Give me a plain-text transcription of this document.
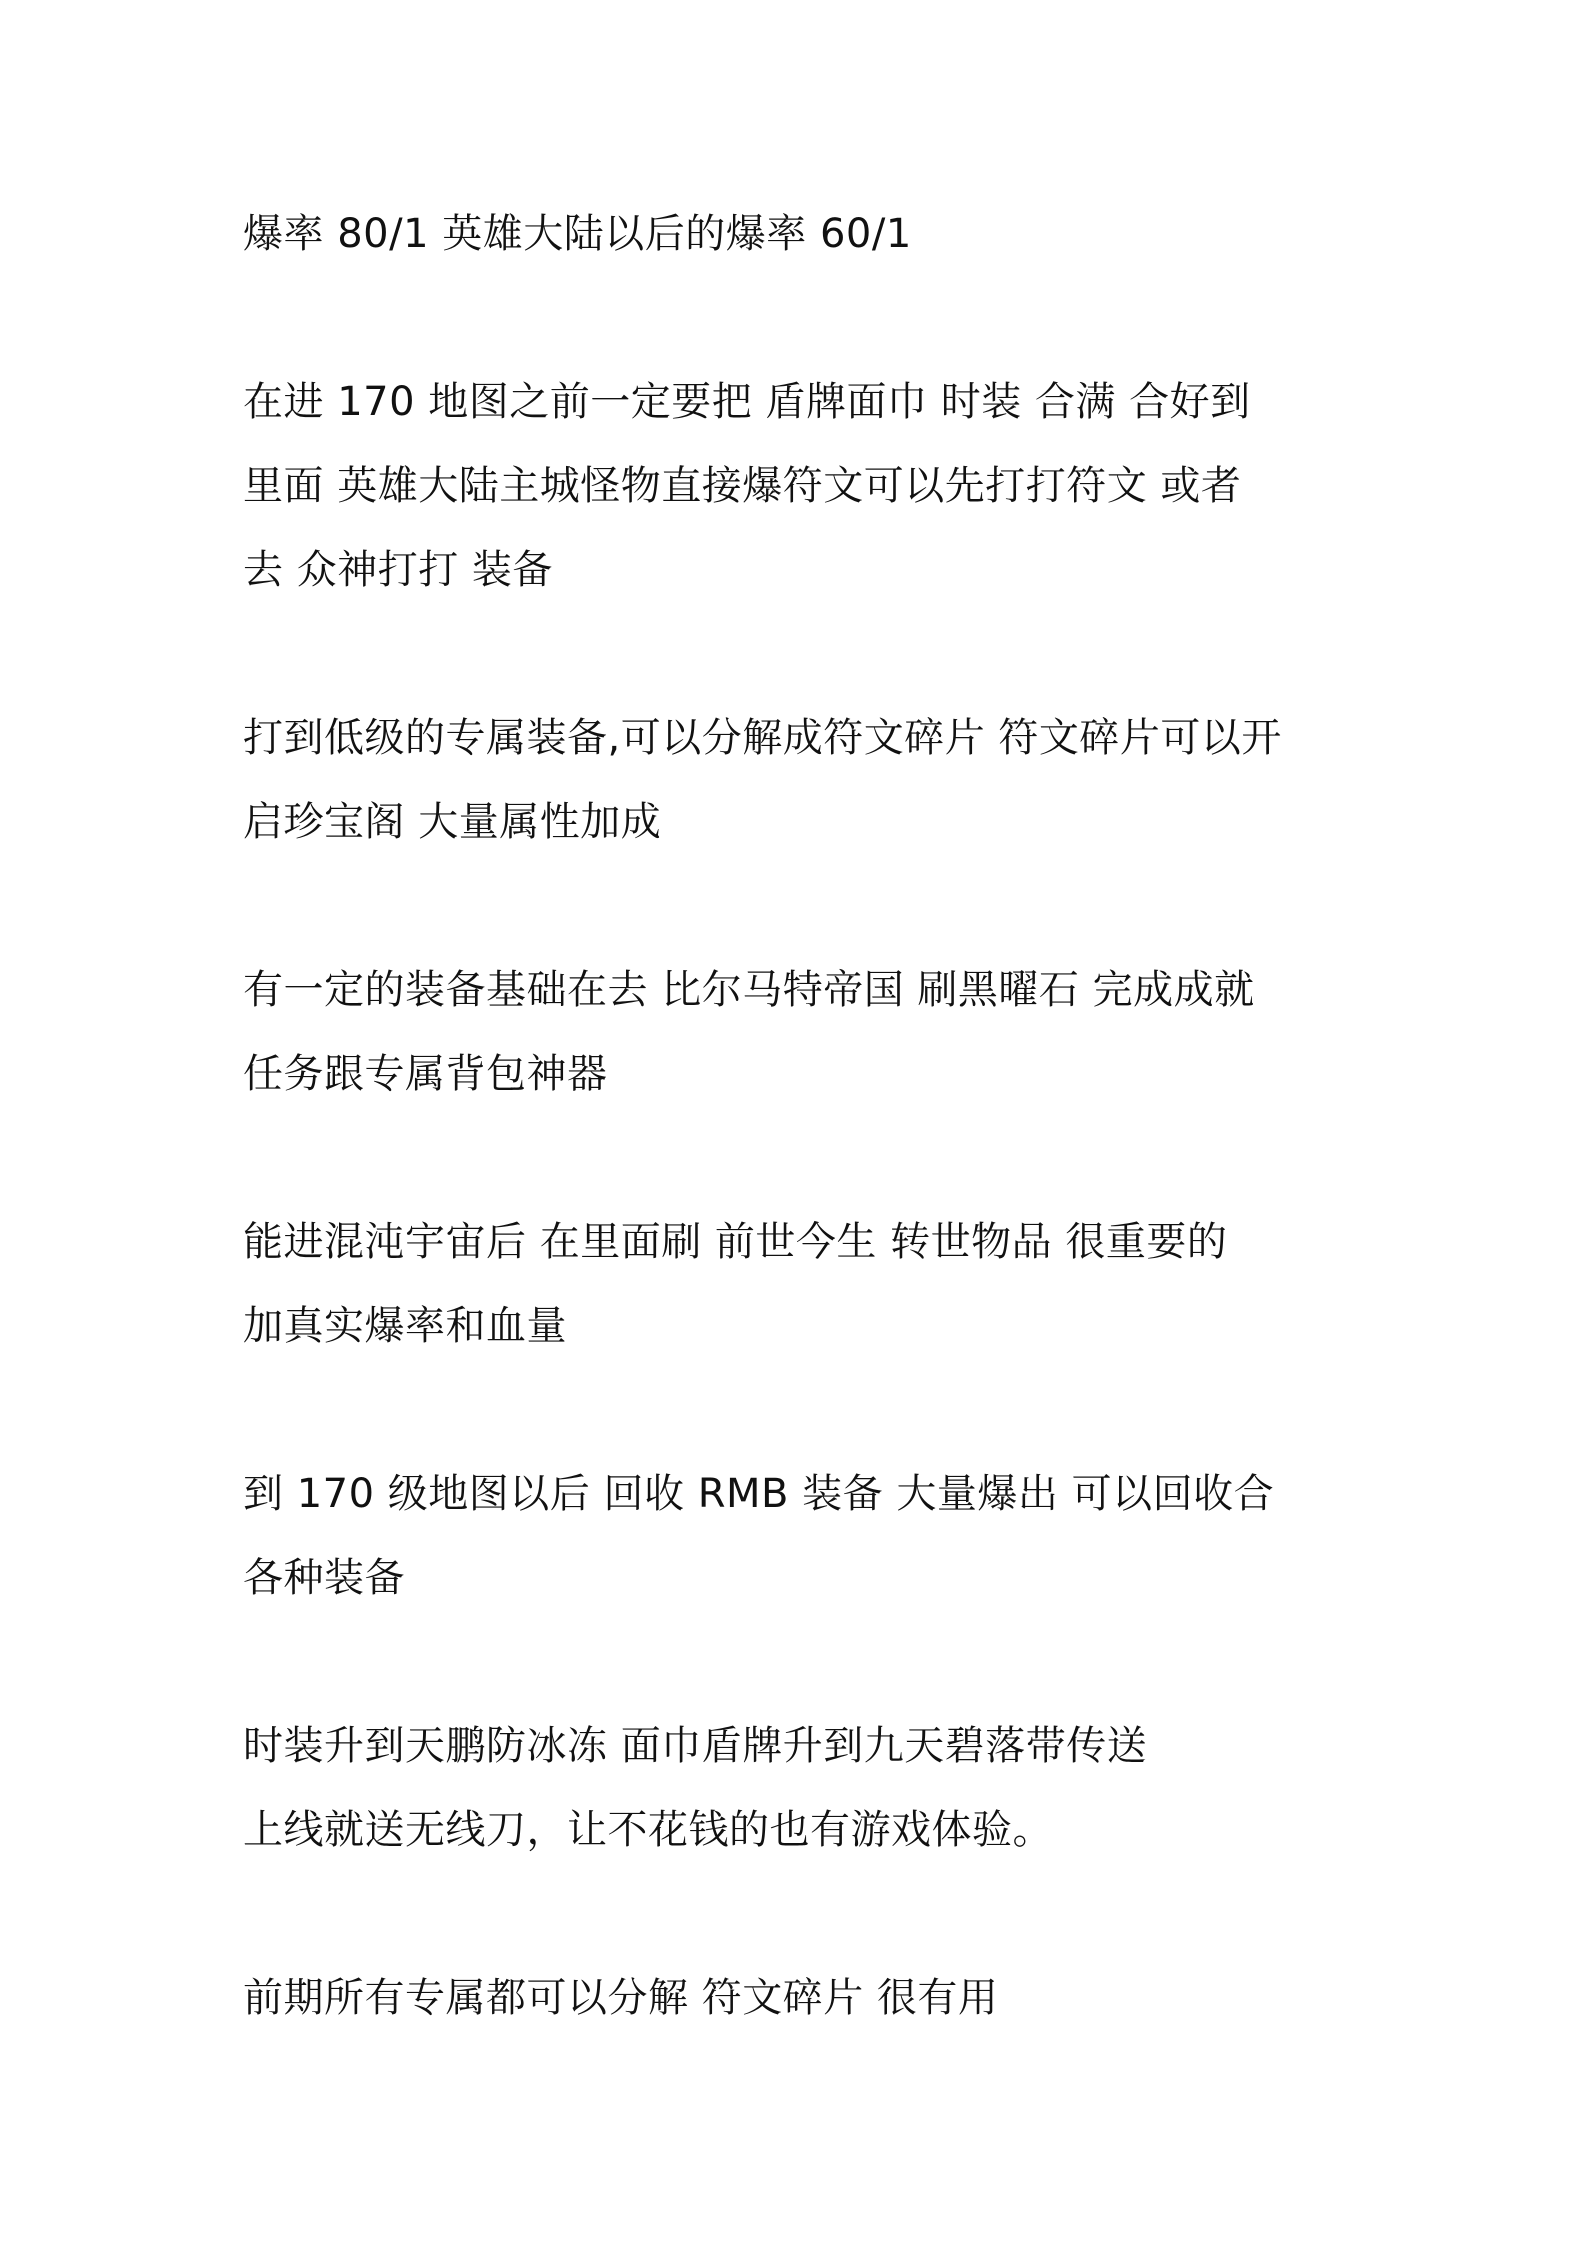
爆率 80/1 英雄大陆以后的爆率 60/1

在进 170 地图之前一定要把 盾牌面巾 时装 合满 合好到
里面 英雄大陆主城怪物直接爆符文可以先打打符文 或者
去 众神打打 装备

打到低级的专属装备,可以分解成符文碎片 符文碎片可以开
启珍宝阁 大量属性加成

有一定的装备基础在去 比尔马特帝国 刷黑曜石 完成成就
任务跟专属背包神器

能进混沌宇宙后 在里面刷 前世今生 转世物品 很重要的
加真实爆率和血量

到 170 级地图以后 回收 RMB 装备 大量爆出 可以回收合
各种装备

时装升到天鹏防冰冻 面巾盾牌升到九天碧落带传送
上线就送无线刀，让不花钱的也有游戏体验。

前期所有专属都可以分解 符文碎片 很有用
